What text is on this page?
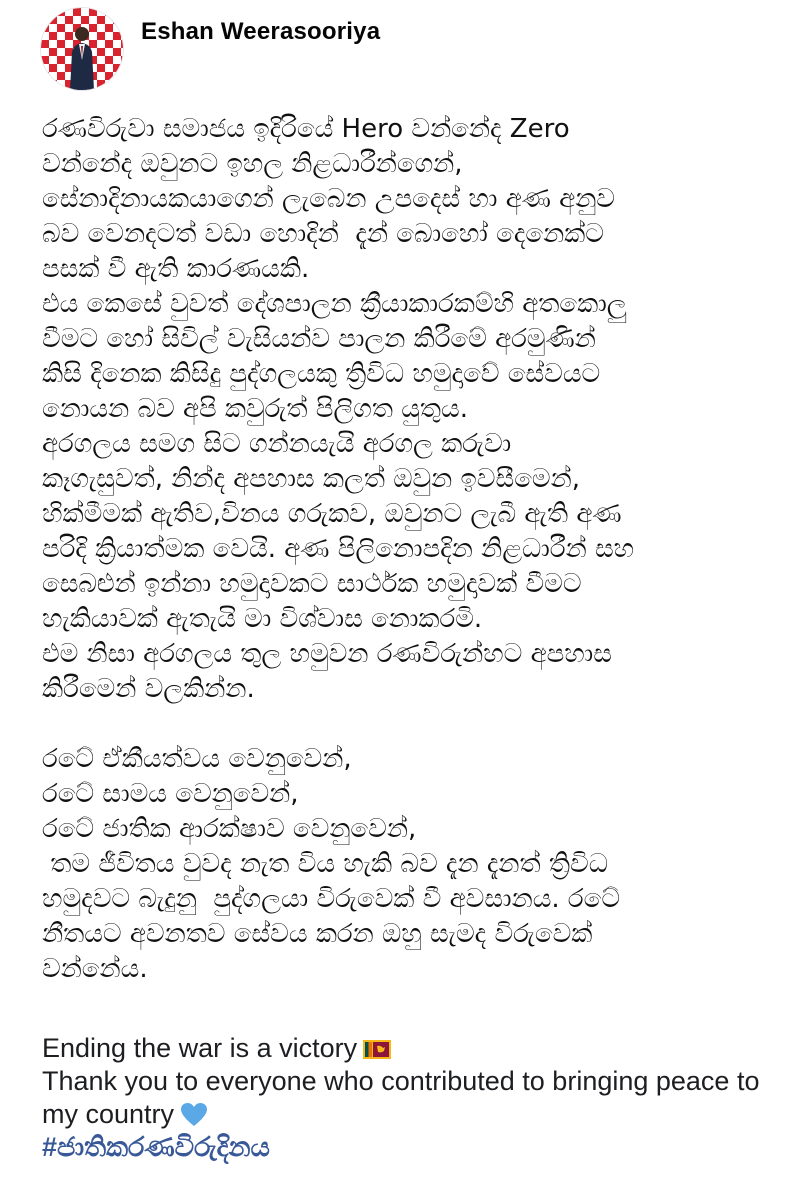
Eshan Weerasooriya

රණවිරුවා සමාජය ඉදිරියේ Hero වන්නේද Zero
වන්නේද ඔවුනට ඉහල නිළධාරීන්ගෙන්,
සේනාදිනායකයාගෙන් ලැබෙන උපදෙස් හා අණ අනුව
බව වෙනදටත් වඩා හොදින්  දැන් බොහෝ දෙනෙක්ට
පසක් වී ඇති කාරණයකි.
එය කෙසේ වුවත් දේශපාලන ක්‍රීයාකාරකම්හි අතකොලු
වීමට හෝ සිවිල් වැසියන්ව පාලන කිරීමේ අරමුණින්
කිසි දිනෙක කිසිදු පුද්ගලයකු ත්‍රිවිධ හමුදාවේ සේවයට
නොයන බව අපි කවුරුත් පිලිගත යුතුය.
අරගලය සමග සිට ගන්නයැයි අරගල කරුවා
කෑගැසුවත්, නින්ද අපහාස කලත් ඔවුන ඉවසීමෙන්,
හික්මීමක් ඇතිව,විනය ගරුකව, ඔවුනට ලැබී ඇති අණ
පරිදි ක්‍රියාත්මක වෙයි. අණ පිලිනොපදින නිළධාරීන් සහ
සෙබළුන් ඉන්නා හමුදාවකට සාර්ථක හමුදාවක් වීමට
හැකියාවක් ඇතැයි මා විශ්වාස නොකරමි.
එම නිසා අරගලය තුල හමුවන රණවිරුන්හට අපහාස
කිරීමෙන් වලකින්න.

රටේ ඒකීයත්වය වෙනුවෙන්,
රටේ සාමය වෙනුවෙන්,
රටේ ජාතික ආරක්ෂාව වෙනුවෙන්,
තම ජීවිතය වුවද නැත විය හැකි බව දැන දැනත් ත්‍රිවිධ
හමුදවට බැදුනු  පුද්ගලයා විරුවෙක් වී අවසානය. රටේ
නීතයට අවනතව සේවය කරන ඔහු සැමද විරුවෙක්
වන්නේය.

Ending the war is a victory

Thank you to everyone who contributed to bringing peace to my country

#ජාතිකරණවිරුදිනය
